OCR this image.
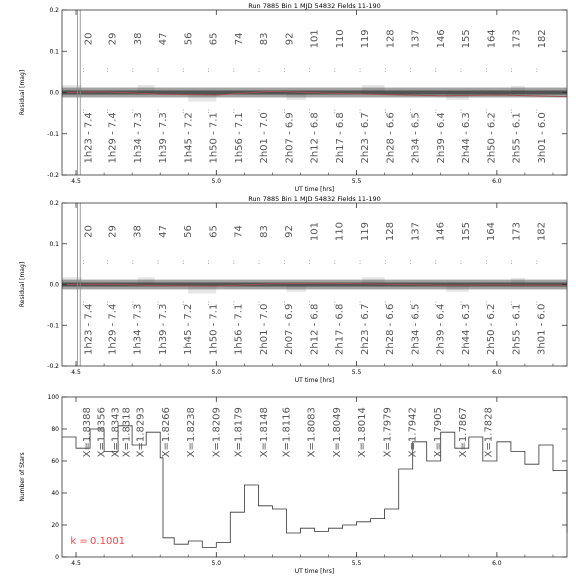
Run 7885 Bin 1 MJD 54832 Fields 11-190
20
:
1h23 - 7.4
:
29
:
1h29 - 7.4
:
38
:
1h34 - 7.3
:
47
:
1h39 - 7.3
:
56
:
1h45 - 7.2
:
65
:
1h50 - 7.1
:
74
:
1h56 - 7.1
:
83
:
2h01 - 7.0
:
92
:
2h07 - 6.9
:
101
:
2h12 - 6.8
:
110
:
2h17 - 6.8
:
119
:
2h23 - 6.7
:
128
:
2h28 - 6.6
:
137
:
2h34 - 6.5
:
146
:
2h39 - 6.4
:
155
:
2h44 - 6.3
:
164
:
2h50 - 6.2
:
173
:
2h55 - 6.1
:
182
:
3h01 - 6.0
:
-0.2
-0.1
0.0
0.1
0.2
4.5	5.0	5.5	6.0
UT time [hrs]
Residual [mag]
Run 7885 Bin 1 MJD 54832 Fields 11-190
20
:
1h23 - 7.4
:
29
:
1h29 - 7.4
:
38
:
1h34 - 7.3
:
47
:
1h39 - 7.3
:
56
:
1h45 - 7.2
:
65
:
1h50 - 7.1
:
74
:
1h56 - 7.1
:
83
:
2h01 - 7.0
:
92
:
2h07 - 6.9
:
101
:
2h12 - 6.8
:
110
:
2h17 - 6.8
:
119
:
2h23 - 6.7
:
128
:
2h28 - 6.6
:
137
:
2h34 - 6.5
:
146
:
2h39 - 6.4
:
155
:
2h44 - 6.3
:
164
:
2h50 - 6.2
:
173
:
2h55 - 6.1
:
182
:
3h01 - 6.0
:
-0.2
-0.1
0.0
0.1
0.2
4.5	5.0	5.5	6.0
UT time [hrs]
Residual [mag]
X=1.8388 X=1.8356 X=1.8343 X=1.8318 X=1.8293 X=1.8266 X=1.8238 X=1.8209 X=1.8179 X=1.8148 X=1.8116 X=1.8083 X=1.8049 X=1.8014 X=1.7979 X=1.7942 X=1.7905 X=1.7867 X=1.7828
k = 0.1001
0
20
40
60
80
100
4.5	5.0	5.5	6.0
UT time [hrs]
Number of Stars
